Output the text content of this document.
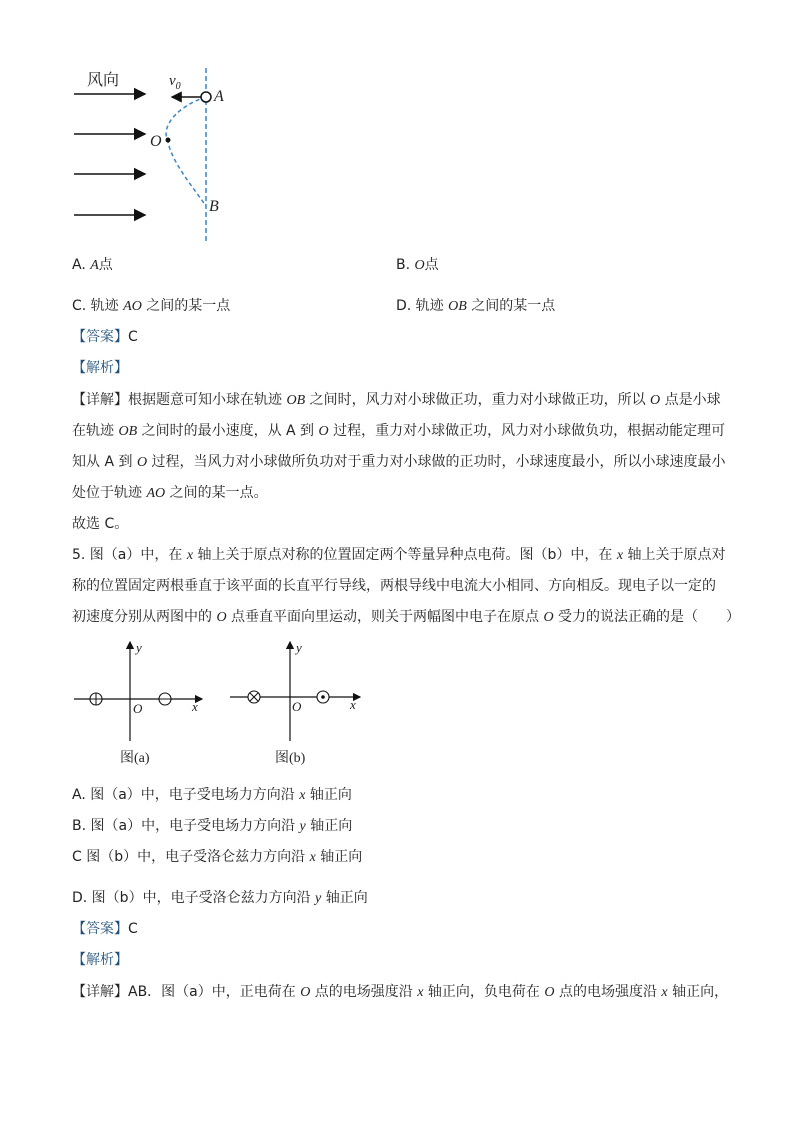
风向	$v_0$
A
O
B
A. A点	B. O点
C. 轨迹 AO 之间的某一点	D. 轨迹 OB 之间的某一点
【答案】C
【解析】
【详解】根据题意可知小球在轨迹 OB 之间时，风力对小球做正功，重力对小球做正功，所以 O 点是小球
在轨迹 OB 之间时的最小速度，从 A 到 O 过程，重力对小球做正功，风力对小球做负功，根据动能定理可
知从 A 到 O 过程，当风力对小球做所负功对于重力对小球做的正功时，小球速度最小，所以小球速度最小
处位于轨迹 AO 之间的某一点。
故选 C。
5. 图（a）中，在 x 轴上关于原点对称的位置固定两个等量异种点电荷。图（b）中，在 x 轴上关于原点对
称的位置固定两根垂直于该平面的长直平行导线，两根导线中电流大小相同、方向相反。现电子以一定的
初速度分别从两图中的 O 点垂直平面向里运动，则关于两幅图中电子在原点 O 受力的说法正确的是（　　）
y
x
O
图(a)
y
x
O
图(b)
A. 图（a）中，电子受电场力方向沿 x 轴正向
B. 图（a）中，电子受电场力方向沿 y 轴正向
C 图（b）中，电子受洛仑兹力方向沿 x 轴正向
D. 图（b）中，电子受洛仑兹力方向沿 y 轴正向
【答案】C
【解析】
【详解】AB．图（a）中，正电荷在 O 点的电场强度沿 x 轴正向，负电荷在 O 点的电场强度沿 x 轴正向，
